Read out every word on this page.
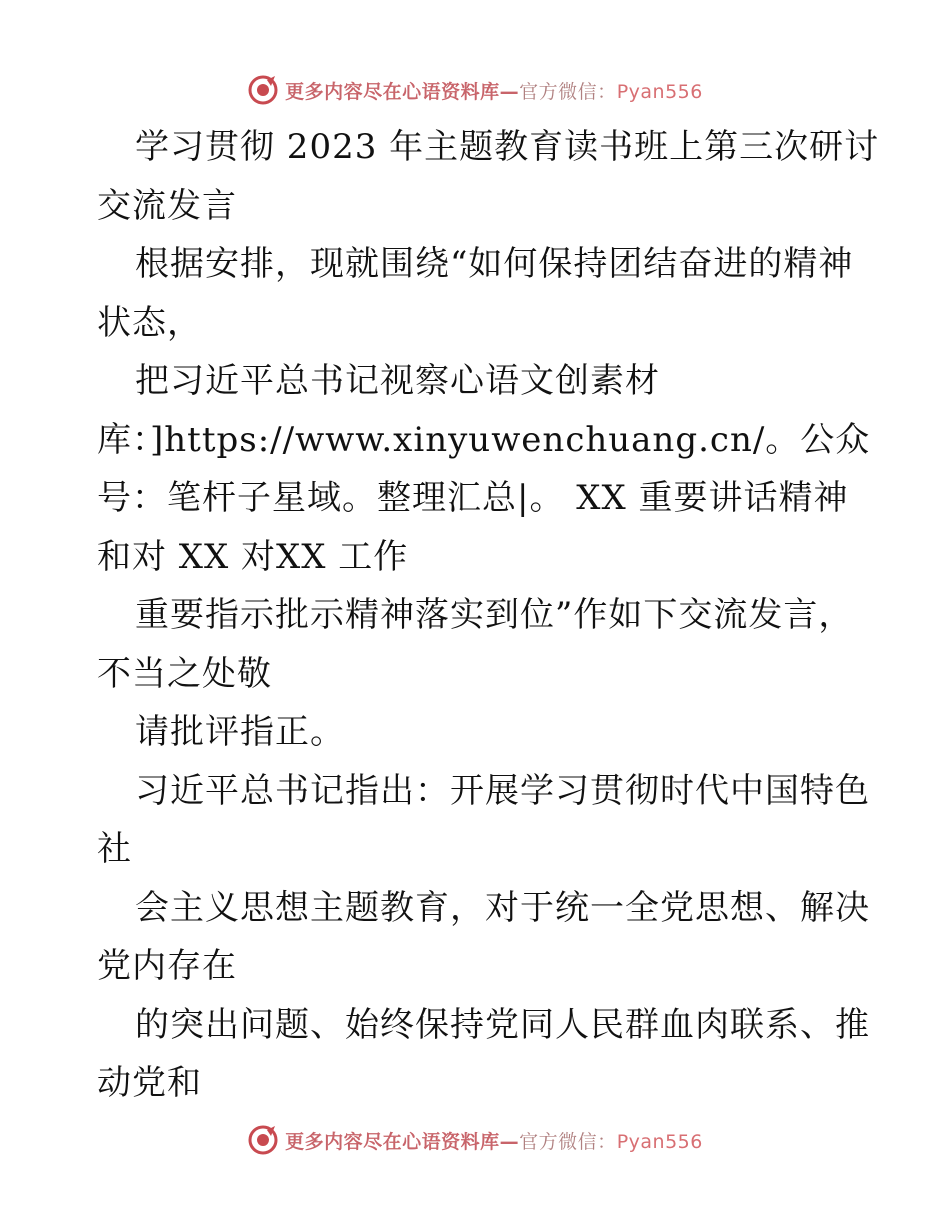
更多内容尽在心语资料库—官方微信：Pyan556
学习贯彻 2023 年主题教育读书班上第三次研讨
交流发言
根据安排，现就围绕“如何保持团结奋进的精神
状态，
把习近平总书记视察心语文创素材
库：]https://www.xinyuwenchuang.cn/。公众
号：笔杆子星域。整理汇总|。 XX 重要讲话精神
和对 XX 对XX 工作
重要指示批示精神落实到位”作如下交流发言，
不当之处敬
请批评指正。
习近平总书记指出：开展学习贯彻时代中国特色
社
会主义思想主题教育，对于统一全党思想、解决
党内存在
的突出问题、始终保持党同人民群血肉联系、推
动党和
更多内容尽在心语资料库—官方微信：Pyan556
